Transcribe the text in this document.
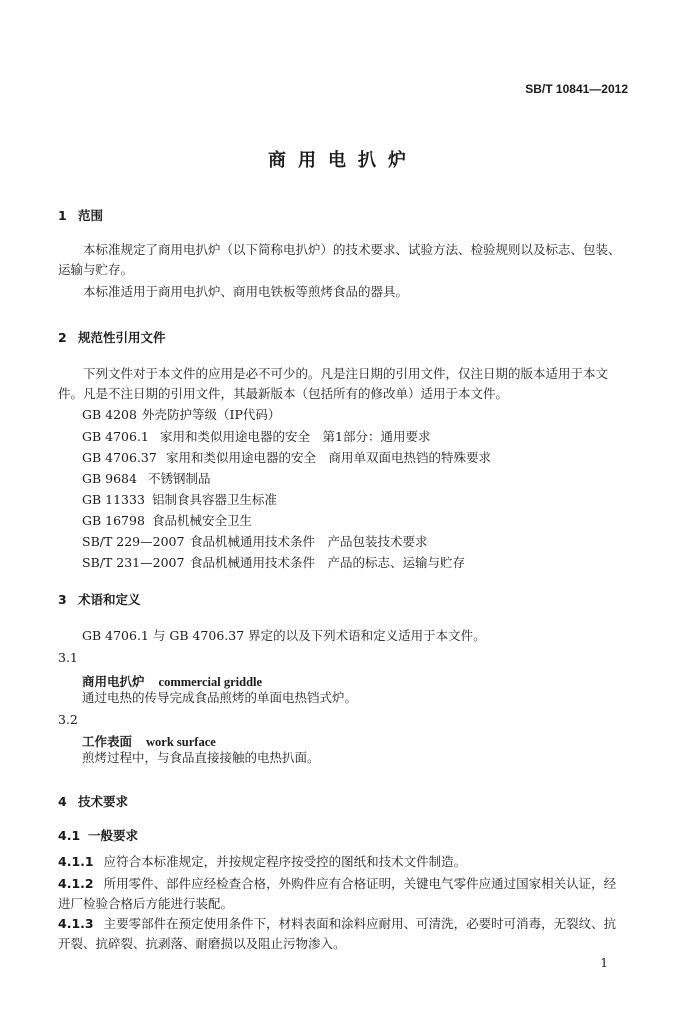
SB/T 10841—2012
商用电扒炉
1 范围
本标准规定了商用电扒炉（以下简称电扒炉）的技术要求、试验方法、检验规则以及标志、包装、运输与贮存。
本标准适用于商用电扒炉、商用电铁板等煎烤食品的器具。
2 规范性引用文件
下列文件对于本文件的应用是必不可少的。凡是注日期的引用文件，仅注日期的版本适用于本文件。凡是不注日期的引用文件，其最新版本（包括所有的修改单）适用于本文件。
GB 4208 外壳防护等级（IP代码）
GB 4706.1 家用和类似用途电器的安全　第1部分：通用要求
GB 4706.37 家用和类似用途电器的安全　商用单双面电热铛的特殊要求
GB 9684 不锈钢制品
GB 11333 铝制食具容器卫生标准
GB 16798 食品机械安全卫生
SB/T 229—2007 食品机械通用技术条件　产品包装技术要求
SB/T 231—2007 食品机械通用技术条件　产品的标志、运输与贮存
3 术语和定义
GB 4706.1 与 GB 4706.37 界定的以及下列术语和定义适用于本文件。
3.1
商用电扒炉 commercial griddle
通过电热的传导完成食品煎烤的单面电热铛式炉。
3.2
工作表面 work surface
煎烤过程中，与食品直接接触的电热扒面。
4 技术要求
4.1 一般要求
4.1.1 应符合本标准规定，并按规定程序按受控的图纸和技术文件制造。
4.1.2 所用零件、部件应经检查合格，外购件应有合格证明，关键电气零件应通过国家相关认证，经进厂检验合格后方能进行装配。
4.1.3 主要零部件在预定使用条件下，材料表面和涂料应耐用、可清洗，必要时可消毒，无裂纹、抗开裂、抗碎裂、抗剥落、耐磨损以及阻止污物渗入。
1
